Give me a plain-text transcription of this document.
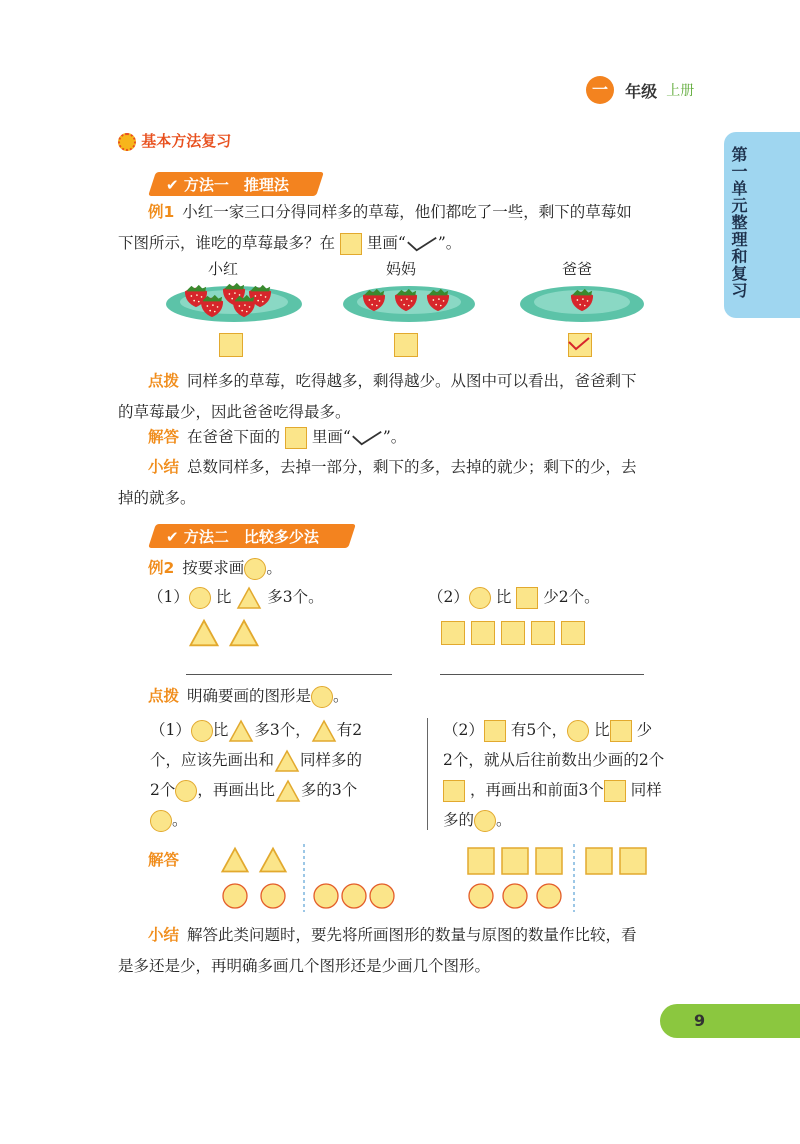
一 年级 上册
第一单元整理和复习
基本方法复习
✔ 方法一　推理法
例1 小红一家三口分得同样多的草莓，他们都吃了一些，剩下的草莓如
下图所示，谁吃的草莓最多？在 里画“ ”。
小红	妈妈	爸爸
点拨 同样多的草莓，吃得越多，剩得越少。从图中可以看出，爸爸剩下
的草莓最少，因此爸爸吃得最多。
解答 在爸爸下面的 里画“ ”。
小结 总数同样多，去掉一部分，剩下的多，去掉的就少；剩下的少，去
掉的就多。
✔ 方法二　比较多少法
例2 按要求画 。
（1） 比 多3个。	（2） 比 少2个。
点拨 明确要画的图形是 。
（1） 比 多3个， 有2
个，应该先画出和 同样多的
2个 ，再画出比 多的3个
。
（2） 有5个， 比 少
2个，就从后往前数出少画的2个
，再画出和前面3个 同样
多的 。
解答
小结 解答此类问题时，要先将所画图形的数量与原图的数量作比较，看
是多还是少，再明确多画几个图形还是少画几个图形。
9
